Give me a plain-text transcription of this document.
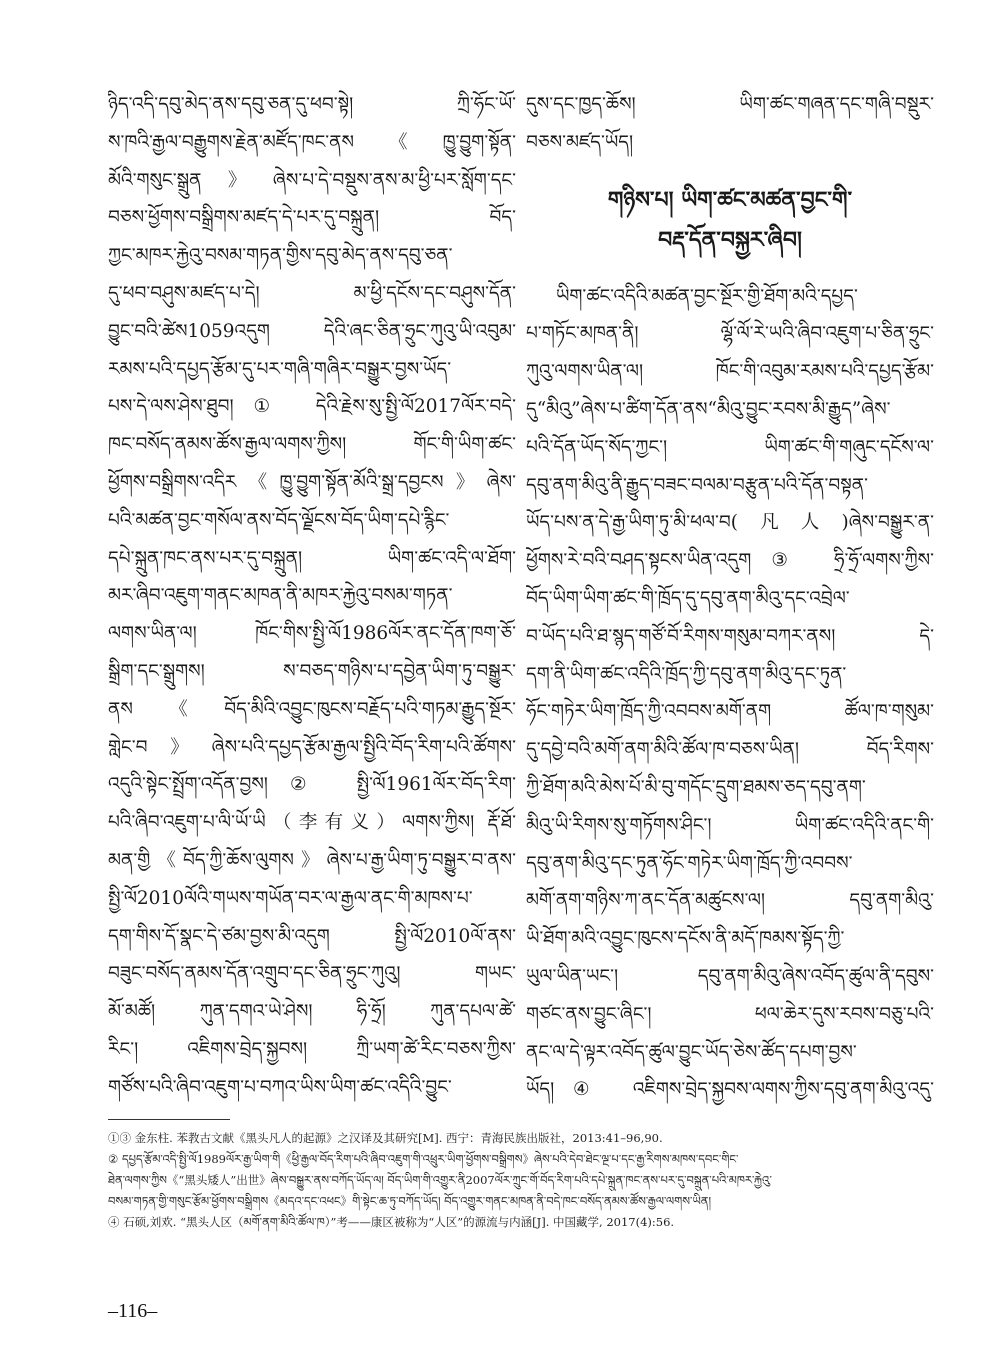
ཉིད་འདི་དབུ་མེད་ནས་དབུ་ཅན་དུ་ཕབ་སྟེ། ཀྲི་ཧོང་ཡོ་
ས་ཁའི་རྒྱལ་བརྒྱུགས་རྗེན་མཛོད་ཁང་ནས《ཁྱུ་བྱུག་སྟོན་
མོའི་གསུང་སྒྲུན》ཞེས་པ་དེ་བསྡུས་ནས་མ་ཕྱི་པར་སློག་དང་
བཅས་ཕྱོགས་བསྒྲིགས་མཛད་དེ་པར་དུ་བསྐྲུན། བོད་
ཀྱང་མཁར་རྐྱེའུ་བསམ་གཏན་གྱིས་དབུ་མེད་ནས་དབུ་ཅན་
དུ་ཕབ་བཤུས་མཛད་པ་དེ། མ་ཕྱི་དངོས་དང་བཤུས་དོན་
བྱུང་བའི་ཚེས1059འདུག དེའི་ཞང་ཅིན་ཧྲུང་ཀུའུ་ཡི་འབུམ་
རམས་པའི་དཔྱད་རྩོམ་དུ་པར་གཞི་གཞིར་བསྒྱུར་བྱས་ཡོད་
པས་དེ་ལས་ཤེས་ཐུབ།① དེའི་རྗེས་སུ་སྤྱི་ལོ2017ལོར་བདེ་
ཁང་བསོད་ནམས་ཚོས་རྒྱལ་ལགས་ཀྱིས། གོང་གི་ཡིག་ཚང་
ཕྱོགས་བསྒྲིགས་འདིར《ཁྱུ་བྱུག་སྟོན་མོའི་སྒྲ་དབྱངས》ཞེས་
པའི་མཚན་བྱང་གསོལ་ནས་བོད་ལྗོངས་བོད་ཡིག་དཔེ་རྙིང་
དཔེ་སྐྲུན་ཁང་ནས་པར་དུ་བསྐྲུན། ཡིག་ཚང་འདི་ལ་ཐོག་
མར་ཞིབ་འཇུག་གནང་མཁན་ནི་མཁར་རྐྱེའུ་བསམ་གཏན་
ལགས་ཡིན་ལ། ཁོང་གིས་སྤྱི་ལོ1986ལོར་ནང་དོན་ཁག་ཅོ་
སྒྲིག་དང་སྒྲུགས། ས་བཅད་གཉིས་པ་དབྱེན་ཡིག་ཏུ་བསྒྱུར་
ནས《བོད་མིའི་འབྱུང་ཁུངས་བརྗོད་པའི་གཏམ་རྒྱུད་སྔོར་
གླེང་བ》ཞེས་པའི་དཔྱད་རྩོམ་རྒྱལ་སྤྱིའི་བོད་རིག་པའི་ཚོགས་
འདུའི་སྟེང་སྤྲོག་འདོན་བྱས།② སྤྱི་ལོ1961ལོར་བོད་རིག་
པའི་ཞིབ་འཇུག་པ་ལི་ཡོ་ཡི（李有义）ལགས་ཀྱིས། རྡོ་ཐོ་
མན་གྱི《བོད་ཀྱི་ཆོས་ལུགས》ཞེས་པ་རྒྱ་ཡིག་ཏུ་བསྒྱུར་བ་ནས་
སྤྱི་ལོ2010ལོའི་གཡས་གཡོན་བར་ལ་རྒྱལ་ནང་གི་མཁས་པ་
དག་གིས་དོ་སྣང་དེ་ཙམ་བྱས་མི་འདུག སྤྱི་ལོ2010ལོ་ནས་
བཟུང་བསོད་ནམས་དོན་འགྲུབ་དང་ཅིན་ཧྲུང་ཀུའུ། གཡང་
མོ་མཚོ། ཀུན་དགའ་ཡེ་ཤེས། ཧི་ཧྲོ། ཀུན་དཔལ་ཚེ་
རིང་། འཇིགས་བྲེད་སྐྱབས། ཀྲི་ཡག་ཚེ་རིང་བཅས་ཀྱིས་
གཙོས་པའི་ཞིབ་འཇུག་པ་བཀའ་ཡིས་ཡིག་ཚང་འདིའི་བྱུང་
དུས་དང་ཁྱད་ཆོས། ཡིག་ཚང་གཞན་དང་གཞི་བསྡུར་
བཅས་མཛད་ཡོད།
གཉིས་པ། ཡིག་ཚང་མཚན་བྱང་གི་
བརྡ་དོན་བསྐྱར་ཞིབ།
ཡིག་ཚང་འདིའི་མཚན་བྱང་སྔོར་གྱི་ཐོག་མའི་དཔྱད་
པ་གཏོང་མཁན་ནི། ལྷོ་ལོ་རེ་ཡའི་ཞིབ་འཇུག་པ་ཅིན་ཧྲུང་
ཀུའུ་ལགས་ཡིན་ལ། ཁོང་གི་འབུམ་རམས་པའི་དཔྱད་རྩོམ་
དུ“མིའུ”ཞེས་པ་ཚིག་དོན་ནས“མིའུ་བྱུང་རབས་མི་རྒྱུད”ཞེས་
པའི་དོན་ཡོད་སོད་ཀྱང་། ཡིག་ཚང་གི་གཞུང་དངོས་ལ་
དབུ་ནག་མིའུ་ནི་རྒྱུད་བཟང་བལམ་བརྩུན་པའི་དོན་བསྟན་
ཡོད་པས་ན་དེ་རྒྱ་ཡིག་ཏུ་མི་ཕལ་བ(凡人)ཞེས་བསྒྱུར་ན་
ཕྱོགས་རེ་བའི་བཤད་སྟངས་ཡིན་འདུག③ ཧྲི་ཧྲོ་ལགས་ཀྱིས་
བོད་ཡིག་ཡིག་ཚང་གི་ཁྲོད་དུ་དབུ་ནག་མིའུ་དང་འབྲེལ་
བ་ཡོད་པའི་ཐ་སྙད་གཙོ་བོ་རིགས་གསུམ་བཀར་ནས། དེ་
དག་ནི་ཡིག་ཚང་འདིའི་ཁྲོད་ཀྱི་དབུ་ནག་མིའུ་དང་ཏུན་
ཧོང་གཏེར་ཡིག་ཁྲོད་ཀྱི་འབབས་མགོ་ནག ཚོལ་ཁ་གསུམ་
དུ་དབྱེ་བའི་མགོ་ནག་མིའི་ཚོལ་ཁ་བཅས་ཡིན། བོད་རིགས་
ཀྱི་ཐོག་མའི་མེས་པོ་མི་བུ་གདོང་དྲུག་ཐམས་ཅད་དབུ་ནག་
མིའུ་ཡི་རིགས་སུ་གཏོགས་ཤིང་། ཡིག་ཚང་འདིའི་ནང་གི་
དབུ་ནག་མིའུ་དང་ཏུན་ཧོང་གཏེར་ཡིག་ཁྲོད་ཀྱི་འབབས་
མགོ་ནག་གཉིས་ཀ་ནང་དོན་མཚུངས་ལ། དབུ་ནག་མིའུ་
ཡི་ཐོག་མའི་འབྱུང་ཁུངས་དངོས་ནི་མདོ་ཁམས་སྟོད་ཀྱི་
ཡུལ་ཡིན་ཡང་། དབུ་ནག་མིའུ་ཞེས་འབོད་ཚུལ་ནི་དབུས་
གཙང་ནས་བྱུང་ཞིང་། ཕལ་ཆེར་དུས་རབས་བཅུ་པའི་
ནང་ལ་དེ་ལྟར་འབོད་ཚུལ་བྱུང་ཡོད་ཅེས་ཚོད་དཔག་བྱས་
ཡོད།④ འཇིགས་བྲེད་སྐྱབས་ལགས་ཀྱིས་དབུ་ནག་མིའུ་འདུ་
①③ 金东柱. 苯教古文献《黑头凡人的起源》之汉译及其研究[M]. 西宁：青海民族出版社，2013:41–96,90.
② དཔྱད་རྩོམ་འདི་སྤྱི་ལོ1989ལོར་རྒྱ་ཡིག་གི《ཕྱི་རྒྱལ་བོད་རིག་པའི་ཞིབ་འཇུག་གི་འཕྲུར་ཡིག་ཕྱོགས་བསྒྲིགས》ཞེས་པའི་དེབ་ཐེང་ལྔ་པ་དང་རྒྱ་རིགས་མཁས་དབང་གིང་
ཐེན་ལགས་ཀྱིས《“黑头矮人”出世》ཞེས་བསྒྱུར་ནས་བཀོད་ཡོད་ལ། བོད་ཡིག་གི་འགྱུར་ནི2007ལོར་ཀྲུང་གོ་བོད་རིག་པའི་དཔེ་སྐྲུན་ཁང་ནས་པར་དུ་བསྐྲུན་པའི་མཁར་རྐྱེའུ་
བསམ་གཏན་གྱི་གསུང་རྩོམ་ཕྱོགས་བསྒྲིགས《མདའ་དང་འཕང》གི་སྟེང་ཆ་ཏུ་བཀོད་ཡོད། བོད་འགྱུར་གནང་མཁན་ནི་བདེ་ཁང་བསོད་ནམས་ཚོས་རྒྱལ་ལགས་ཡིན།
④ 石硕,刘欢. “黑头人区（མགོ་ནག་མིའི་ཚོལ་ཁ）”考——康区被称为“人区”的源流与内涵[J]. 中国藏学, 2017(4):56.
–116–
